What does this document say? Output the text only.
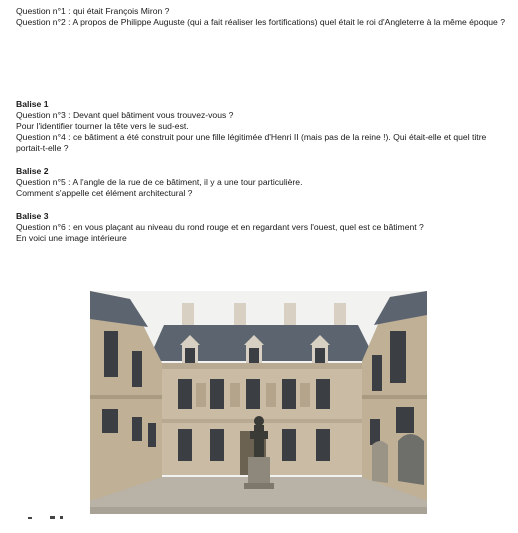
Question n°1 : qui était François Miron ?
Question n°2 : A propos de Philippe Auguste (qui a fait réaliser les fortifications) quel était le roi d'Angleterre à la même époque ?
Balise 1
Question n°3 : Devant quel bâtiment vous trouvez-vous ?
Pour l'identifier tourner la tête vers le sud-est.
Question n°4 : ce bâtiment a été construit pour une fille légitimée d'Henri II (mais pas de la reine !). Qui était-elle et quel titre portait-t-elle ?
Balise 2
Question n°5 : A l'angle de la rue de ce bâtiment, il y a une tour particulière.
Comment s'appelle cet élément architectural ?
Balise 3
Question n°6 : en vous plaçant au niveau du rond rouge et en regardant vers l'ouest, quel est ce bâtiment ?
En voici une image intérieure
